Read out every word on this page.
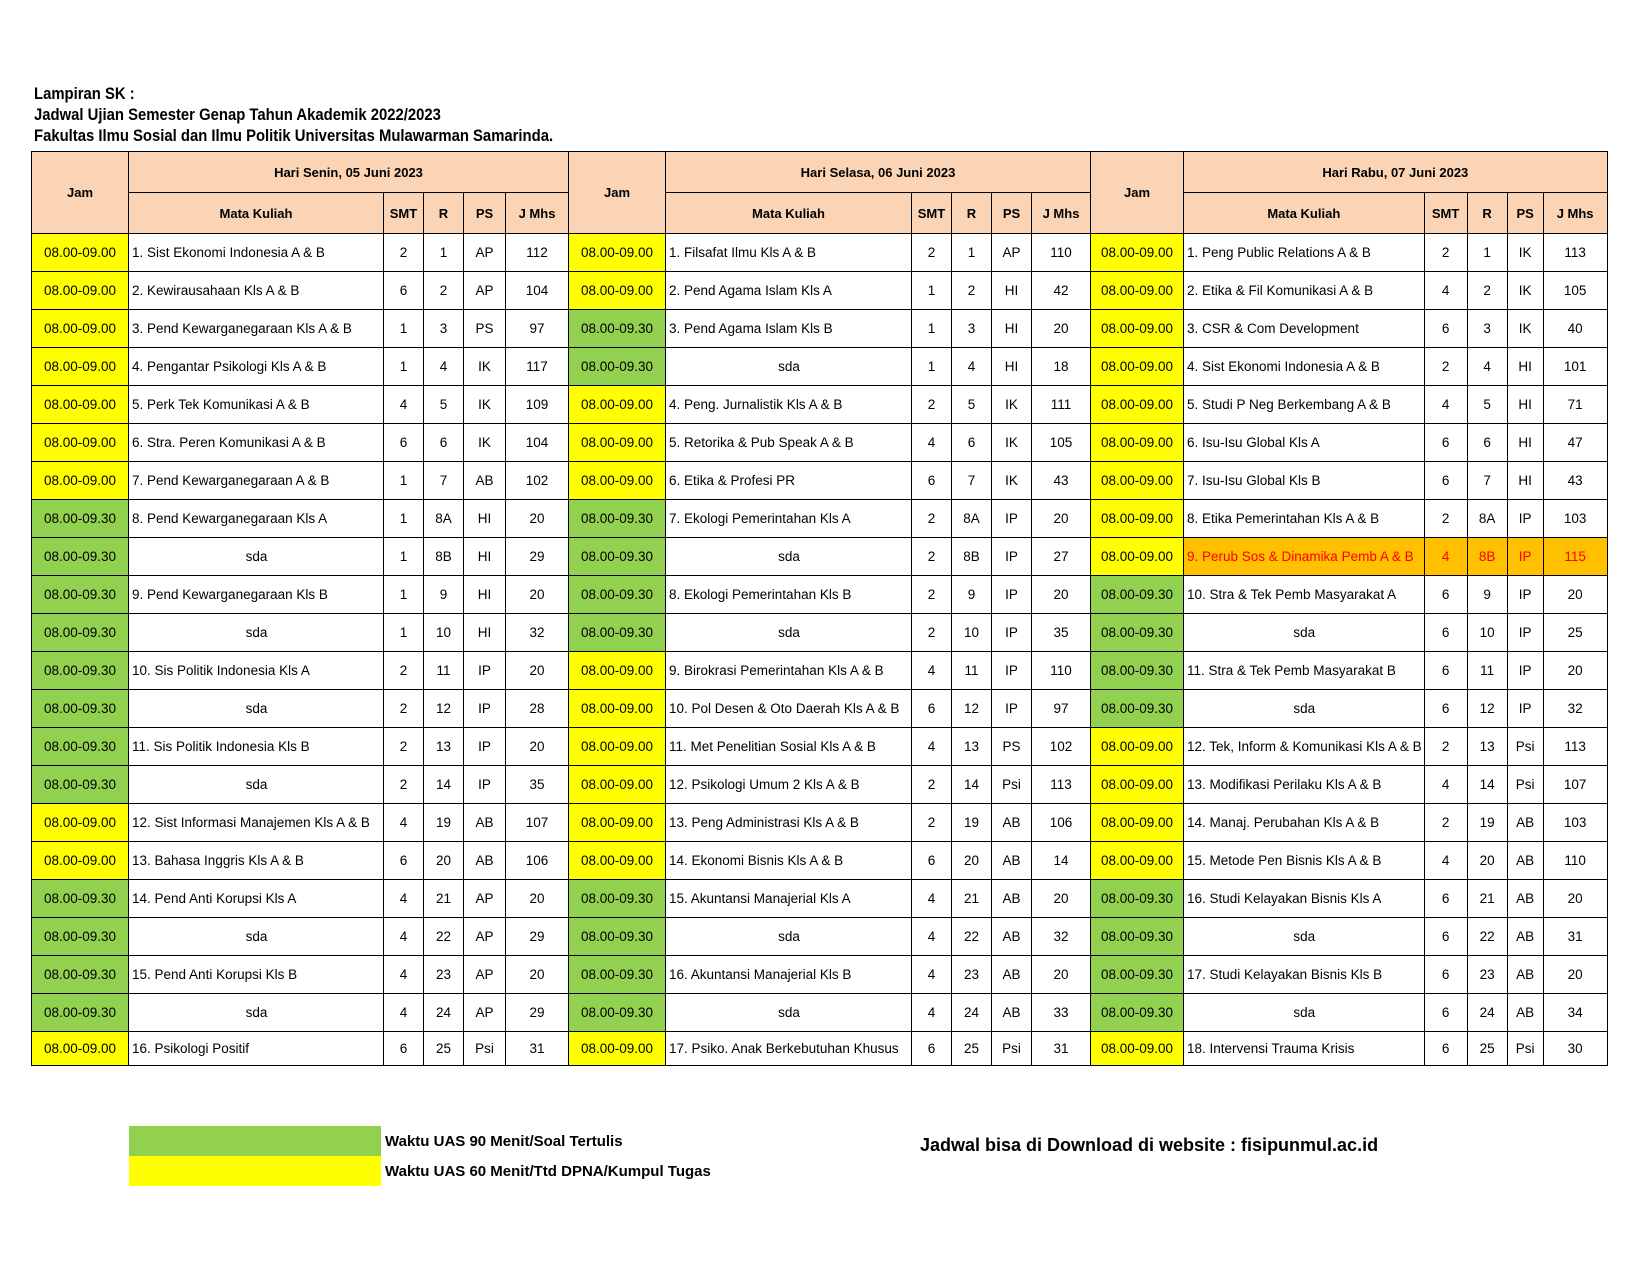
Lampiran SK :
Jadwal Ujian Semester Genap Tahun Akademik 2022/2023
Fakultas Ilmu Sosial dan Ilmu Politik Universitas Mulawarman Samarinda.
Jam	Hari Senin, 05 Juni 2023					Jam	Hari Selasa, 06 Juni 2023					Jam	Hari Rabu, 07 Juni 2023				
	Mata Kuliah	SMT	R	PS	J Mhs		Mata Kuliah	SMT	R	PS	J Mhs		Mata Kuliah	SMT	R	PS	J Mhs
08.00-09.00	1. Sist Ekonomi Indonesia A & B	2	1	AP	112	08.00-09.00	1. Filsafat Ilmu Kls A & B	2	1	AP	110	08.00-09.00	1. Peng Public Relations A & B	2	1	IK	113
08.00-09.00	2. Kewirausahaan Kls A & B	6	2	AP	104	08.00-09.00	2. Pend Agama Islam Kls A	1	2	HI	42	08.00-09.00	2. Etika & Fil Komunikasi A & B	4	2	IK	105
08.00-09.00	3. Pend Kewarganegaraan Kls A & B	1	3	PS	97	08.00-09.30	3. Pend Agama Islam Kls B	1	3	HI	20	08.00-09.00	3. CSR & Com Development	6	3	IK	40
08.00-09.00	4. Pengantar Psikologi Kls A & B	1	4	IK	117	08.00-09.30	sda	1	4	HI	18	08.00-09.00	4. Sist Ekonomi Indonesia A & B	2	4	HI	101
08.00-09.00	5. Perk Tek Komunikasi A & B	4	5	IK	109	08.00-09.00	4. Peng. Jurnalistik Kls A & B	2	5	IK	111	08.00-09.00	5. Studi P Neg Berkembang A & B	4	5	HI	71
08.00-09.00	6. Stra. Peren Komunikasi A & B	6	6	IK	104	08.00-09.00	5. Retorika & Pub Speak A & B	4	6	IK	105	08.00-09.00	6. Isu-Isu Global Kls A	6	6	HI	47
08.00-09.00	7. Pend Kewarganegaraan A & B	1	7	AB	102	08.00-09.00	6. Etika & Profesi PR	6	7	IK	43	08.00-09.00	7. Isu-Isu Global Kls B	6	7	HI	43
08.00-09.30	8. Pend Kewarganegaraan Kls A	1	8A	HI	20	08.00-09.30	7. Ekologi Pemerintahan Kls A	2	8A	IP	20	08.00-09.00	8. Etika Pemerintahan Kls A & B	2	8A	IP	103
08.00-09.30	sda	1	8B	HI	29	08.00-09.30	sda	2	8B	IP	27	08.00-09.00	9. Perub Sos & Dinamika Pemb A & B	4	8B	IP	115
08.00-09.30	9. Pend Kewarganegaraan Kls B	1	9	HI	20	08.00-09.30	8. Ekologi Pemerintahan Kls B	2	9	IP	20	08.00-09.30	10. Stra & Tek Pemb Masyarakat A	6	9	IP	20
08.00-09.30	sda	1	10	HI	32	08.00-09.30	sda	2	10	IP	35	08.00-09.30	sda	6	10	IP	25
08.00-09.30	10. Sis Politik Indonesia Kls A	2	11	IP	20	08.00-09.00	9. Birokrasi Pemerintahan Kls A & B	4	11	IP	110	08.00-09.30	11. Stra & Tek Pemb Masyarakat B	6	11	IP	20
08.00-09.30	sda	2	12	IP	28	08.00-09.00	10. Pol Desen & Oto Daerah Kls A & B	6	12	IP	97	08.00-09.30	sda	6	12	IP	32
08.00-09.30	11. Sis Politik Indonesia Kls B	2	13	IP	20	08.00-09.00	11. Met Penelitian Sosial Kls A & B	4	13	PS	102	08.00-09.00	12. Tek, Inform & Komunikasi Kls A & B	2	13	Psi	113
08.00-09.30	sda	2	14	IP	35	08.00-09.00	12. Psikologi Umum 2 Kls A & B	2	14	Psi	113	08.00-09.00	13. Modifikasi Perilaku Kls A & B	4	14	Psi	107
08.00-09.00	12. Sist Informasi Manajemen Kls A & B	4	19	AB	107	08.00-09.00	13. Peng Administrasi Kls A & B	2	19	AB	106	08.00-09.00	14. Manaj. Perubahan Kls A & B	2	19	AB	103
08.00-09.00	13. Bahasa Inggris Kls A & B	6	20	AB	106	08.00-09.00	14. Ekonomi Bisnis Kls A & B	6	20	AB	14	08.00-09.00	15. Metode Pen Bisnis Kls A & B	4	20	AB	110
08.00-09.30	14. Pend Anti Korupsi Kls A	4	21	AP	20	08.00-09.30	15. Akuntansi Manajerial Kls A	4	21	AB	20	08.00-09.30	16. Studi Kelayakan Bisnis Kls A	6	21	AB	20
08.00-09.30	sda	4	22	AP	29	08.00-09.30	sda	4	22	AB	32	08.00-09.30	sda	6	22	AB	31
08.00-09.30	15. Pend Anti Korupsi Kls B	4	23	AP	20	08.00-09.30	16. Akuntansi Manajerial Kls B	4	23	AB	20	08.00-09.30	17. Studi Kelayakan Bisnis Kls B	6	23	AB	20
08.00-09.30	sda	4	24	AP	29	08.00-09.30	sda	4	24	AB	33	08.00-09.30	sda	6	24	AB	34
08.00-09.00	16. Psikologi Positif	6	25	Psi	31	08.00-09.00	17. Psiko. Anak Berkebutuhan Khusus	6	25	Psi	31	08.00-09.00	18. Intervensi Trauma Krisis	6	25	Psi	30
Waktu UAS 90 Menit/Soal Tertulis
Waktu UAS 60 Menit/Ttd DPNA/Kumpul Tugas
Jadwal bisa di Download di website : fisipunmul.ac.id
